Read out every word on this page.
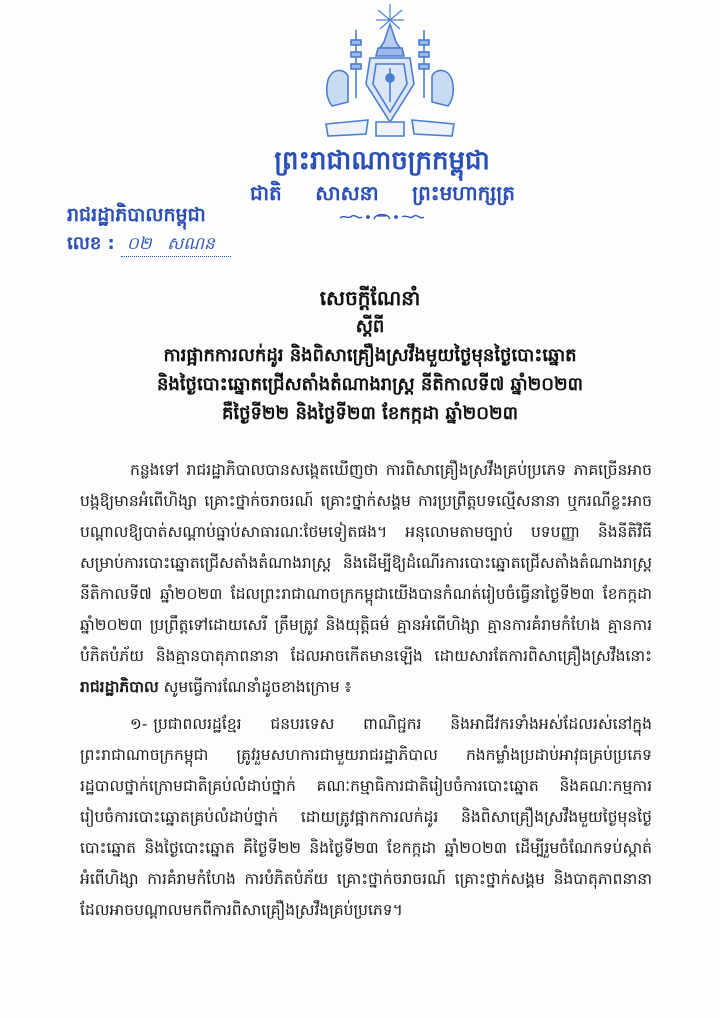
ព្រះរាជាណាចក្រកម្ពុជា
ជាតិ សាសនា ព្រះមហាក្សត្រ
រាជរដ្ឋាភិបាលកម្ពុជា
លេខ : ០២ សណន
សេចក្តីណែនាំ
ស្តីពី
ការផ្អាកការលក់ដូរ និងពិសាគ្រឿងស្រវឹងមួយថ្ងៃមុនថ្ងៃបោះឆ្នោត
និងថ្ងៃបោះឆ្នោតជ្រើសតាំងតំណាងរាស្ត្រ នីតិកាលទី៧ ឆ្នាំ២០២៣
គឺថ្ងៃទី២២ និងថ្ងៃទី២៣ ខែកក្កដា ឆ្នាំ២០២៣

កន្លងទៅ រាជរដ្ឋាភិបាលបានសង្កេតឃើញថា ការពិសាគ្រឿងស្រវឹងគ្រប់ប្រភេទ ភាគច្រើនអាចបង្កឱ្យមានអំពើហិង្សា គ្រោះថ្នាក់ចរាចរណ៍ គ្រោះថ្នាក់សង្គម ការប្រព្រឹត្តបទល្មើសនានា ឬករណីខ្លះអាចបណ្តាលឱ្យបាត់សណ្តាប់ធ្នាប់សាធារណៈថែមទៀតផង។ អនុលោមតាមច្បាប់ បទបញ្ញា និងនីតិវិធីសម្រាប់ការបោះឆ្នោតជ្រើសតាំងតំណាងរាស្ត្រ និងដើម្បីឱ្យដំណើរការបោះឆ្នោតជ្រើសតាំងតំណាងរាស្ត្រ នីតិកាលទី៧ ឆ្នាំ២០២៣ ដែលព្រះរាជាណាចក្រកម្ពុជាយើងបានកំណត់រៀបចំធ្វើនាថ្ងៃទី២៣ ខែកក្កដា ឆ្នាំ២០២៣ ប្រព្រឹត្តទៅដោយសេរី ត្រឹមត្រូវ និងយុត្តិធម៌ គ្មានអំពើហិង្សា គ្មានការគំរាមកំហែង គ្មានការបំភិតបំភ័យ និងគ្មានបាតុភាពនានា ដែលអាចកើតមានឡើង ដោយសារតែការពិសាគ្រឿងស្រវឹងនោះ រាជរដ្ឋាភិបាល សូមធ្វើការណែនាំដូចខាងក្រោម ៖

១- ប្រជាពលរដ្ឋខ្មែរ ជនបរទេស ពាណិជ្ជករ និងអាជីវករទាំងអស់ដែលរស់នៅក្នុងព្រះរាជាណាចក្រកម្ពុជា ត្រូវរួមសហការជាមួយរាជរដ្ឋាភិបាល កងកម្លាំងប្រដាប់អាវុធគ្រប់ប្រភេទ រដ្ឋបាលថ្នាក់ក្រោមជាតិគ្រប់លំដាប់ថ្នាក់ គណៈកម្មាធិការជាតិរៀបចំការបោះឆ្នោត និងគណៈកម្មការរៀបចំការបោះឆ្នោតគ្រប់លំដាប់ថ្នាក់ ដោយត្រូវផ្អាកការលក់ដូរ និងពិសាគ្រឿងស្រវឹងមួយថ្ងៃមុនថ្ងៃបោះឆ្នោត និងថ្ងៃបោះឆ្នោត គឺថ្ងៃទី២២ និងថ្ងៃទី២៣ ខែកក្កដា ឆ្នាំ២០២៣ ដើម្បីរួមចំណែកទប់ស្កាត់អំពើហិង្សា ការគំរាមកំហែង ការបំភិតបំភ័យ គ្រោះថ្នាក់ចរាចរណ៍ គ្រោះថ្នាក់សង្គម និងបាតុភាពនានាដែលអាចបណ្តាលមកពីការពិសាគ្រឿងស្រវឹងគ្រប់ប្រភេទ។
